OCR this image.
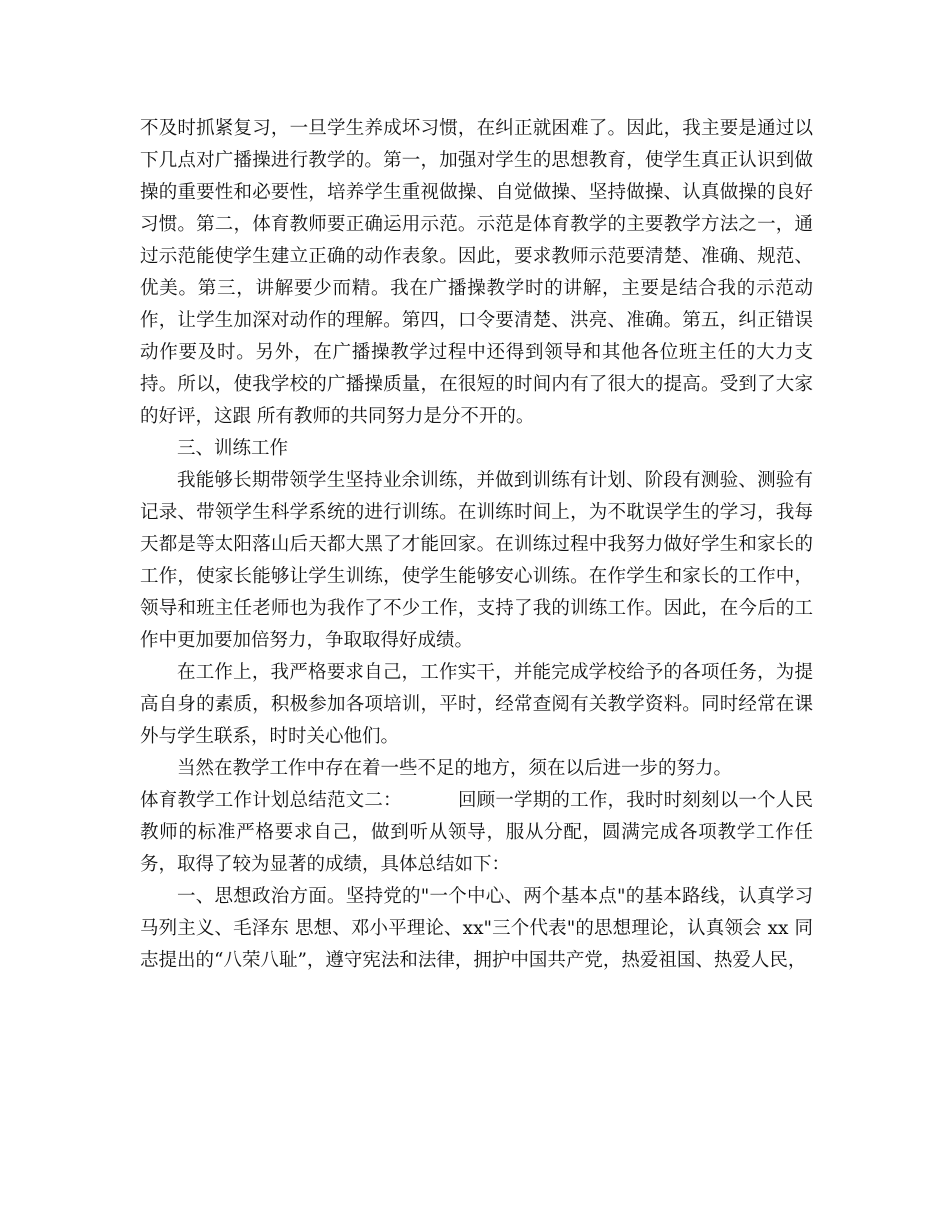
不及时抓紧复习，一旦学生养成坏习惯，在纠正就困难了。因此，我主要是通过以下几点对广播操进行教学的。第一，加强对学生的思想教育，使学生真正认识到做操的重要性和必要性，培养学生重视做操、自觉做操、坚持做操、认真做操的良好习惯。第二，体育教师要正确运用示范。示范是体育教学的主要教学方法之一，通过示范能使学生建立正确的动作表象。因此，要求教师示范要清楚、准确、规范、优美。第三，讲解要少而精。我在广播操教学时的讲解，主要是结合我的示范动作，让学生加深对动作的理解。第四，口令要清楚、洪亮、准确。第五，纠正错误动作要及时。另外，在广播操教学过程中还得到领导和其他各位班主任的大力支持。所以，使我学校的广播操质量，在很短的时间内有了很大的提高。受到了大家的好评，这跟 所有教师的共同努力是分不开的。

三、训练工作

我能够长期带领学生坚持业余训练，并做到训练有计划、阶段有测验、测验有记录、带领学生科学系统的进行训练。在训练时间上，为不耽误学生的学习，我每天都是等太阳落山后天都大黑了才能回家。在训练过程中我努力做好学生和家长的工作，使家长能够让学生训练，使学生能够安心训练。在作学生和家长的工作中，领导和班主任老师也为我作了不少工作，支持了我的训练工作。因此，在今后的工作中更加要加倍努力，争取取得好成绩。

在工作上，我严格要求自己，工作实干，并能完成学校给予的各项任务，为提高自身的素质，积极参加各项培训，平时，经常查阅有关教学资料。同时经常在课外与学生联系，时时关心他们。

当然在教学工作中存在着一些不足的地方，须在以后进一步的努力。

体育教学工作计划总结范文二：	回顾一学期的工作，我时时刻刻以一个人民教师的标准严格要求自己，做到听从领导，服从分配，圆满完成各项教学工作任务，取得了较为显著的成绩，具体总结如下：

一、思想政治方面。坚持党的"一个中心、两个基本点"的基本路线，认真学习马列主义、毛泽东 思想、邓小平理论、xx"三个代表"的思想理论，认真领会 xx 同志提出的“八荣八耻”，遵守宪法和法律，拥护中国共产党，热爱祖国、热爱人民，
